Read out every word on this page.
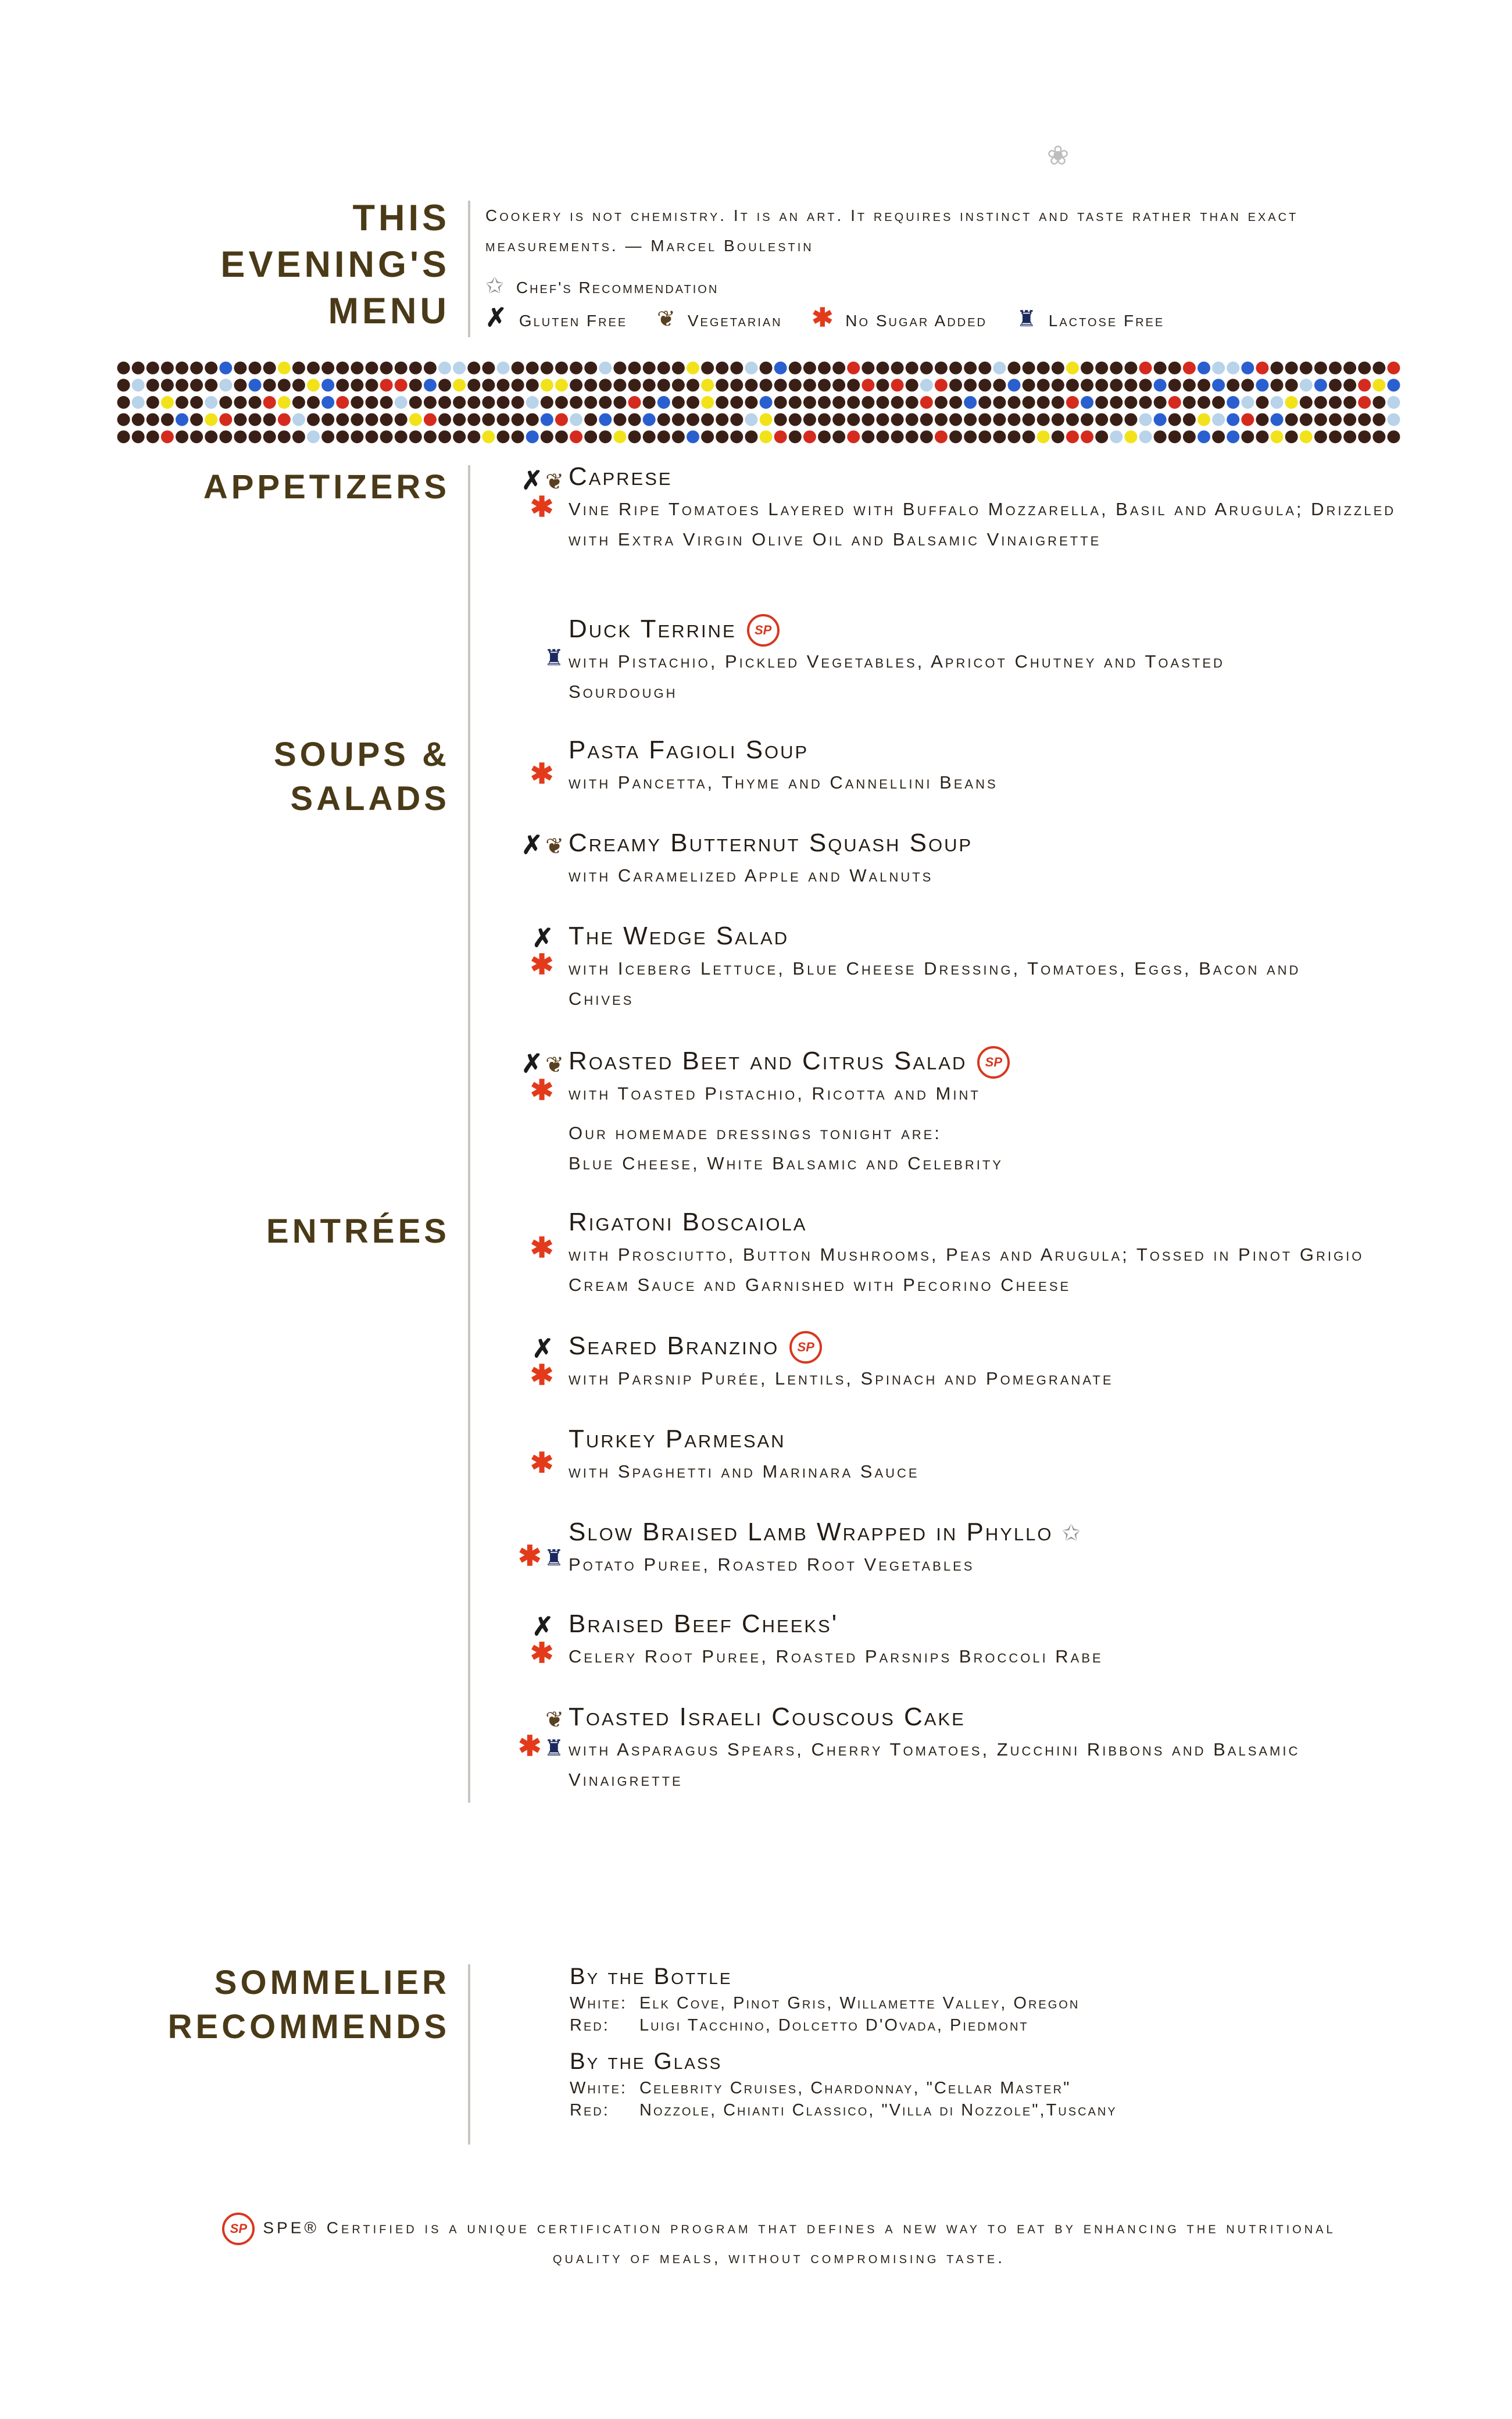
❀
THIS
EVENING'S
MENU
Cookery is not chemistry. It is an art. It requires instinct and taste rather than exact measurements. — Marcel Boulestin
✩ Chef's Recommendation
✗ Gluten Free ❦ Vegetarian ✱ No Sugar Added ♜ Lactose Free
APPETIZERS	✗ ❦
✱
Caprese
Vine Ripe Tomatoes Layered with Buffalo Mozzarella, Basil and Arugula; Drizzled with Extra Virgin Olive Oil and Balsamic Vinaigrette
♜
Duck Terrine SP
with Pistachio, Pickled Vegetables, Apricot Chutney and Toasted Sourdough
SOUPS &
SALADS
✱
Pasta Fagioli Soup
with Pancetta, Thyme and Cannellini Beans
✗ ❦ Creamy Butternut Squash Soup
with Caramelized Apple and Walnuts
✗
✱
The Wedge Salad
with Iceberg Lettuce, Blue Cheese Dressing, Tomatoes, Eggs, Bacon and Chives
✗ ❦
✱
Roasted Beet and Citrus Salad SP
with Toasted Pistachio, Ricotta and Mint
Our homemade dressings tonight are:
Blue Cheese, White Balsamic and Celebrity
ENTRÉES	✱
Rigatoni Boscaiola
with Prosciutto, Button Mushrooms, Peas and Arugula; Tossed in Pinot Grigio Cream Sauce and Garnished with Pecorino Cheese
✗
✱
Seared Branzino SP
with Parsnip Purée, Lentils, Spinach and Pomegranate
✱
Turkey Parmesan
with Spaghetti and Marinara Sauce
✱ ♜
Slow Braised Lamb Wrapped in Phyllo ✩
Potato Puree, Roasted Root Vegetables
✗
✱
Braised Beef Cheeks'
Celery Root Puree, Roasted Parsnips Broccoli Rabe
❦
✱ ♜
Toasted Israeli Couscous Cake
with Asparagus Spears, Cherry Tomatoes, Zucchini Ribbons and Balsamic Vinaigrette
SOMMELIER
RECOMMENDS
By the Bottle
White: Elk Cove, Pinot Gris, Willamette Valley, Oregon
Red: Luigi Tacchino, Dolcetto D'Ovada, Piedmont
By the Glass
White: Celebrity Cruises, Chardonnay, "Cellar Master"
Red: Nozzole, Chianti Classico, "Villa di Nozzole",Tuscany
SP SPE® Certified is a unique certification program that defines a new way to eat by enhancing the nutritional quality of meals, without compromising taste.
